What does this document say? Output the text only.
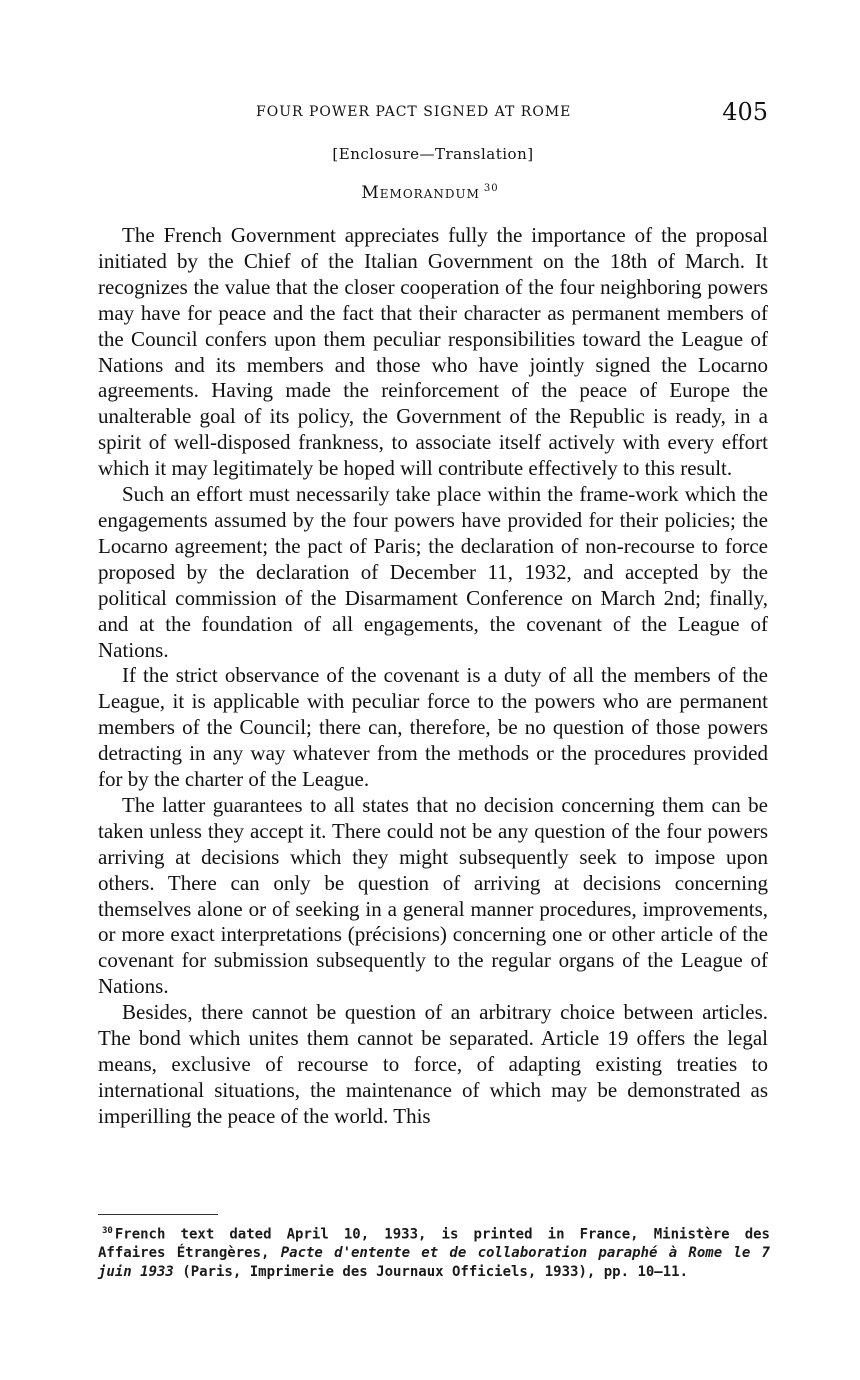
FOUR POWER PACT SIGNED AT ROME	405
[Enclosure—Translation]
Memorandum $^{30}$

The French Government appreciates fully the importance of the proposal initiated by the Chief of the Italian Government on the 18th of March. It recognizes the value that the closer cooperation of the four neighboring powers may have for peace and the fact that their character as permanent members of the Council confers upon them peculiar responsibilities toward the League of Nations and its members and those who have jointly signed the Locarno agreements. Having made the reinforcement of the peace of Europe the unalterable goal of its policy, the Government of the Republic is ready, in a spirit of well-disposed frankness, to associate itself actively with every effort which it may legitimately be hoped will contribute effectively to this result.

Such an effort must necessarily take place within the frame-work which the engagements assumed by the four powers have provided for their policies; the Locarno agreement; the pact of Paris; the declaration of non-recourse to force proposed by the declaration of December 11, 1932, and accepted by the political commission of the Disarmament Conference on March 2nd; finally, and at the foundation of all engagements, the covenant of the League of Nations.

If the strict observance of the covenant is a duty of all the members of the League, it is applicable with peculiar force to the powers who are permanent members of the Council; there can, therefore, be no question of those powers detracting in any way whatever from the methods or the procedures provided for by the charter of the League.

The latter guarantees to all states that no decision concerning them can be taken unless they accept it. There could not be any question of the four powers arriving at decisions which they might subsequently seek to impose upon others. There can only be question of arriving at decisions concerning themselves alone or of seeking in a general manner procedures, improvements, or more exact interpretations (précisions) concerning one or other article of the covenant for submission subsequently to the regular organs of the League of Nations.

Besides, there cannot be question of an arbitrary choice between articles. The bond which unites them cannot be separated. Article 19 offers the legal means, exclusive of recourse to force, of adapting existing treaties to international situations, the maintenance of which may be demonstrated as imperilling the peace of the world. This

$^{30}$ French text dated April 10, 1933, is printed in France, Ministère des Affaires Étrangères, Pacte d'entente et de collaboration paraphé à Rome le 7 juin 1933 (Paris, Imprimerie des Journaux Officiels, 1933), pp. 10–11.
